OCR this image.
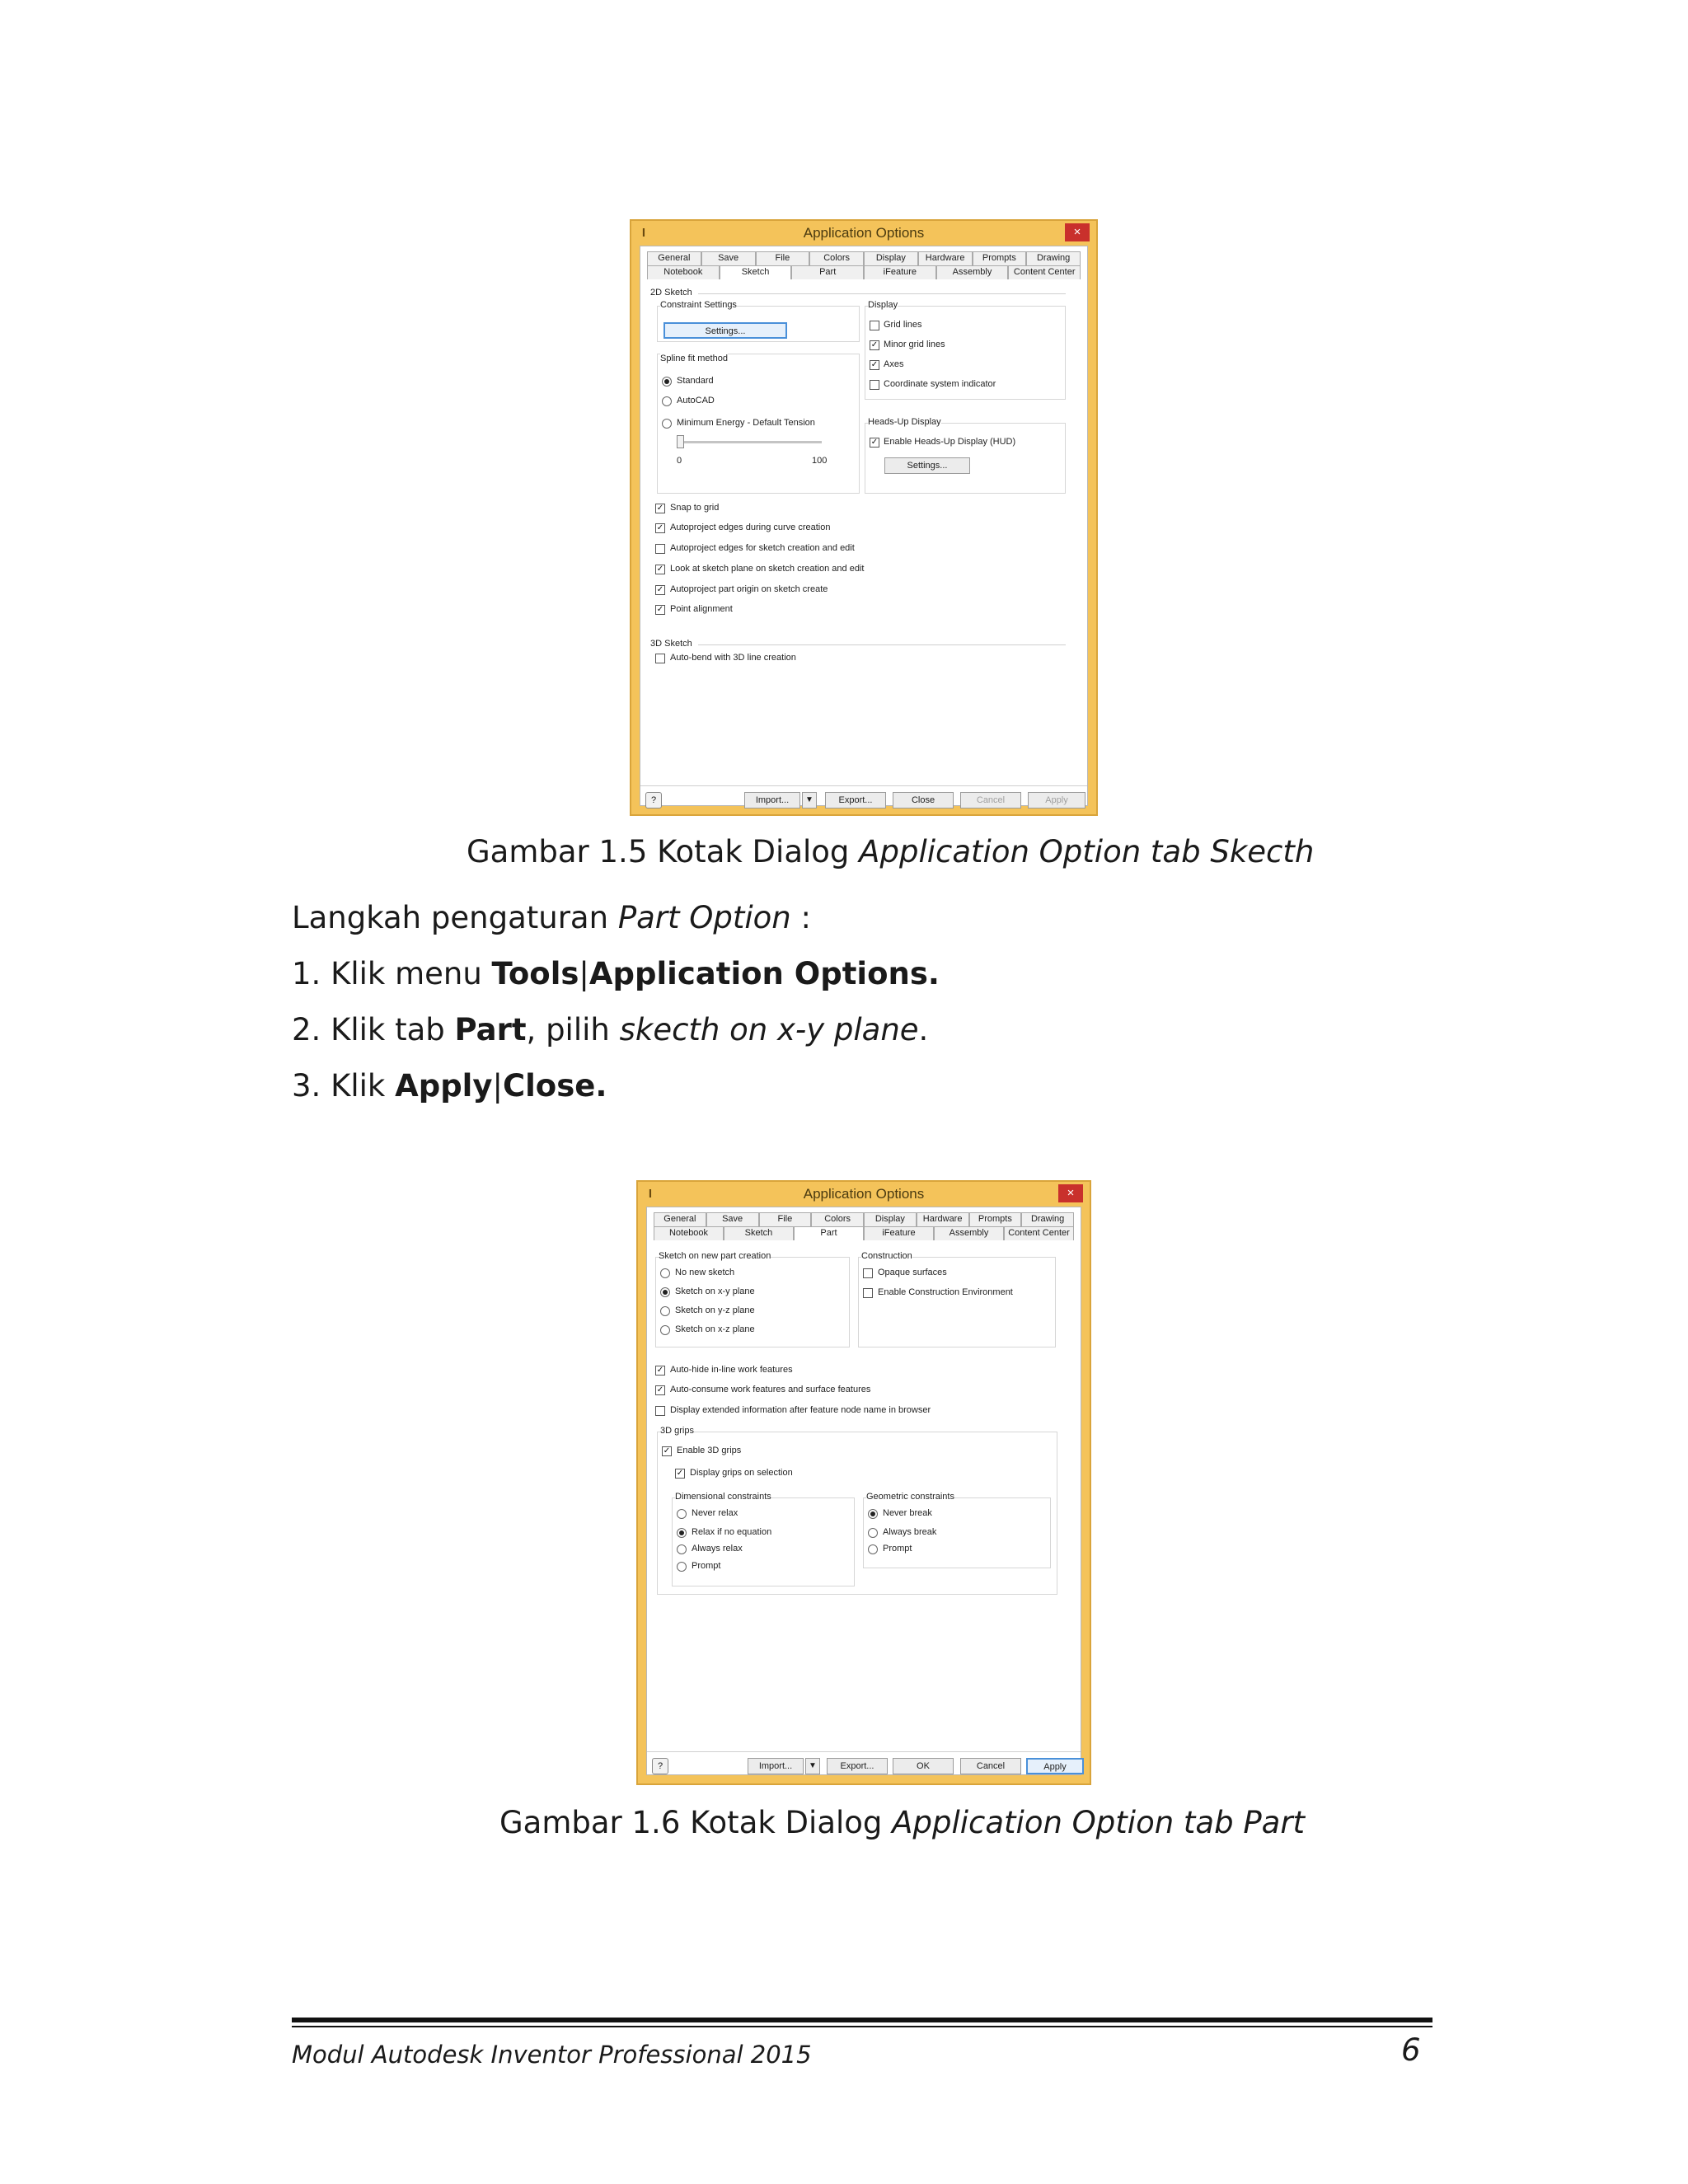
Application Options
I	×
General	Save	File	Colors	Display	Hardware	Prompts	Drawing
Notebook	Sketch	Part	iFeature	Assembly	Content Center
2D Sketch
Constraint Settings
Settings...
Spline fit method
Standard
AutoCAD
Minimum Energy - Default Tension
0	100
Display
Grid lines
✓ Minor grid lines
✓ Axes
Coordinate system indicator
Heads-Up Display
✓ Enable Heads-Up Display (HUD)
Settings...
✓ Snap to grid
✓ Autoproject edges during curve creation
Autoproject edges for sketch creation and edit
✓ Look at sketch plane on sketch creation and edit
✓ Autoproject part origin on sketch create
✓ Point alignment
3D Sketch
Auto-bend with 3D line creation
?	Import...	▼	Export...	Close	Cancel	Apply
Gambar 1.5 Kotak Dialog Application Option tab Skecth
Langkah pengaturan Part Option :
1. Klik menu Tools|Application Options.
2. Klik tab Part, pilih skecth on x-y plane.
3. Klik Apply|Close.
Application Options
I	×
General	Save	File	Colors	Display	Hardware	Prompts	Drawing
Notebook	Sketch	Part	iFeature	Assembly	Content Center
Sketch on new part creation
No new sketch
Sketch on x-y plane
Sketch on y-z plane
Sketch on x-z plane
Construction
Opaque surfaces
Enable Construction Environment
✓ Auto-hide in-line work features
✓ Auto-consume work features and surface features
Display extended information after feature node name in browser
3D grips
✓ Enable 3D grips
✓ Display grips on selection
Dimensional constraints
Never relax
Relax if no equation
Always relax
Prompt
Geometric constraints
Never break
Always break
Prompt
?	Import...	▼	Export...	OK	Cancel	Apply
Gambar 1.6 Kotak Dialog Application Option tab Part
Modul Autodesk Inventor Professional 2015	6
